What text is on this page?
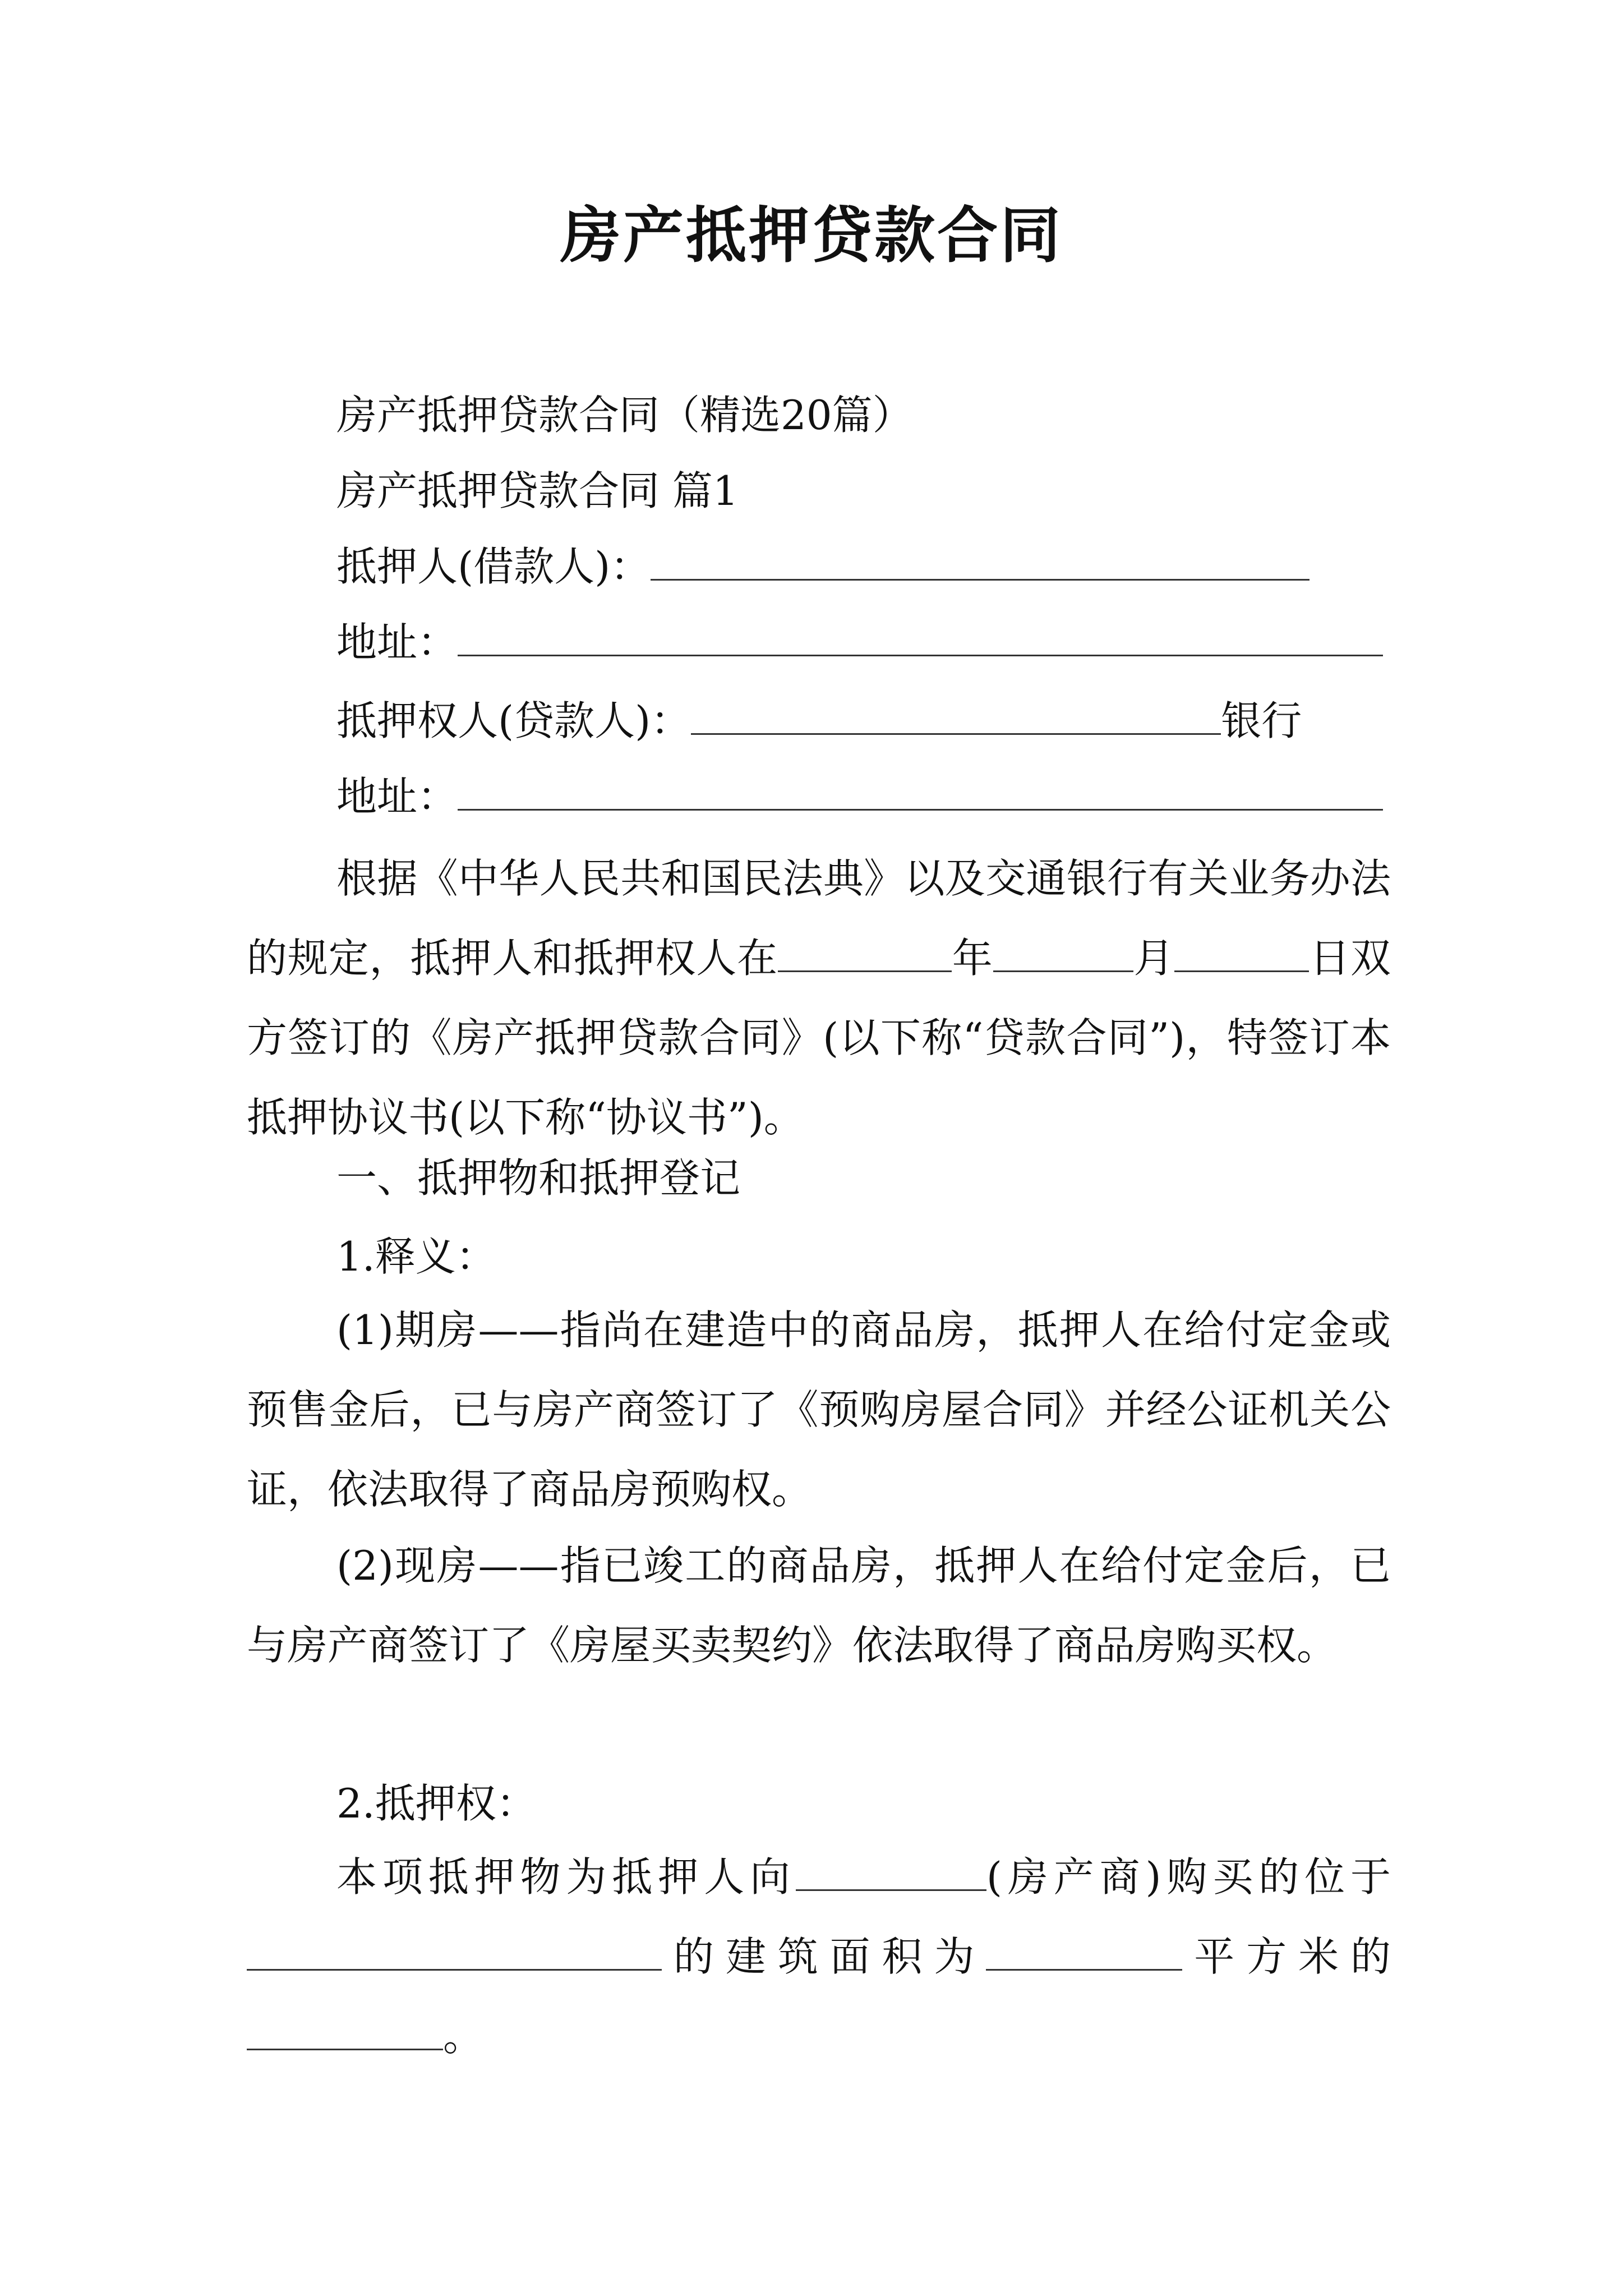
房产抵押贷款合同
房产抵押贷款合同（精选20篇）
房产抵押贷款合同 篇1
抵押人(借款人)：
地址：
抵押权人(贷款人)：	银行
地址：
根据《中华人民共和国民法典》以及交通银行有关业务办法的规定，抵押人和抵押权人在	年	月	日双方签订的《房产抵押贷款合同》(以下称“贷款合同”)，特签订本抵押协议书(以下称“协议书”)。
一、抵押物和抵押登记
1.释义：
(1)期房——指尚在建造中的商品房，抵押人在给付定金或预售金后，已与房产商签订了《预购房屋合同》并经公证机关公证，依法取得了商品房预购权。
(2)现房——指已竣工的商品房，抵押人在给付定金后，已与房产商签订了《房屋买卖契约》依法取得了商品房购买权。
2.抵押权：
本项抵押物为抵押人向	(房产商)购买的位于的建筑面积为	平方米的。
